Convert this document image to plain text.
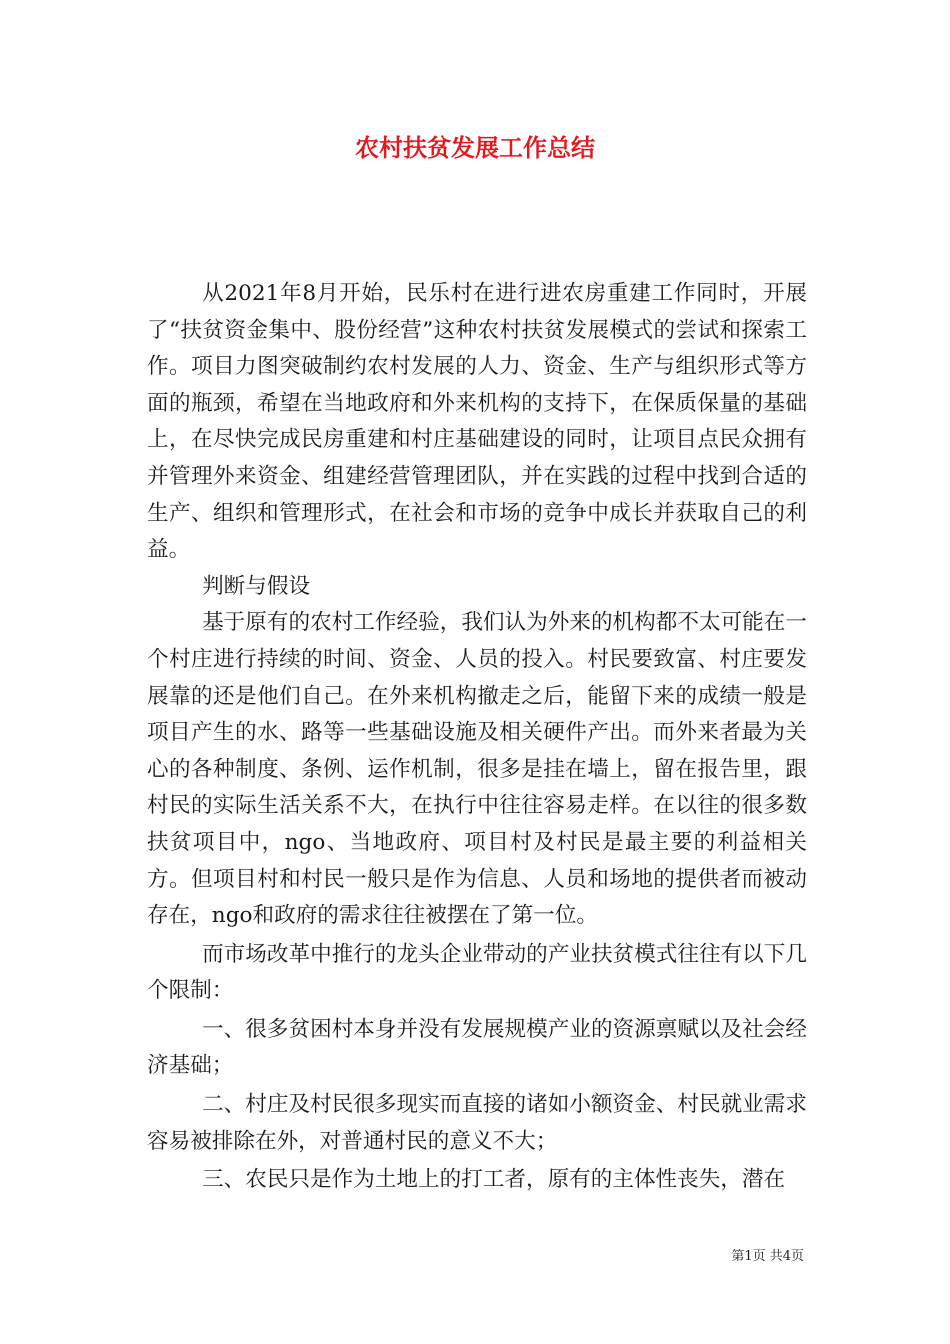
农村扶贫发展工作总结

从2021年8月开始，民乐村在进行进农房重建工作同时，开展了“扶贫资金集中、股份经营”这种农村扶贫发展模式的尝试和探索工作。项目力图突破制约农村发展的人力、资金、生产与组织形式等方面的瓶颈，希望在当地政府和外来机构的支持下，在保质保量的基础上，在尽快完成民房重建和村庄基础建设的同时，让项目点民众拥有并管理外来资金、组建经营管理团队，并在实践的过程中找到合适的生产、组织和管理形式，在社会和市场的竞争中成长并获取自己的利益。

判断与假设

基于原有的农村工作经验，我们认为外来的机构都不太可能在一个村庄进行持续的时间、资金、人员的投入。村民要致富、村庄要发展靠的还是他们自己。在外来机构撤走之后，能留下来的成绩一般是项目产生的水、路等一些基础设施及相关硬件产出。而外来者最为关心的各种制度、条例、运作机制，很多是挂在墙上，留在报告里，跟村民的实际生活关系不大，在执行中往往容易走样。在以往的很多数扶贫项目中，ngo、当地政府、项目村及村民是最主要的利益相关方。但项目村和村民一般只是作为信息、人员和场地的提供者而被动存在，ngo和政府的需求往往被摆在了第一位。

而市场改革中推行的龙头企业带动的产业扶贫模式往往有以下几个限制：

一、很多贫困村本身并没有发展规模产业的资源禀赋以及社会经济基础；

二、村庄及村民很多现实而直接的诸如小额资金、村民就业需求容易被排除在外，对普通村民的意义不大；

三、农民只是作为土地上的打工者，原有的主体性丧失，潜在

第1页 共4页
